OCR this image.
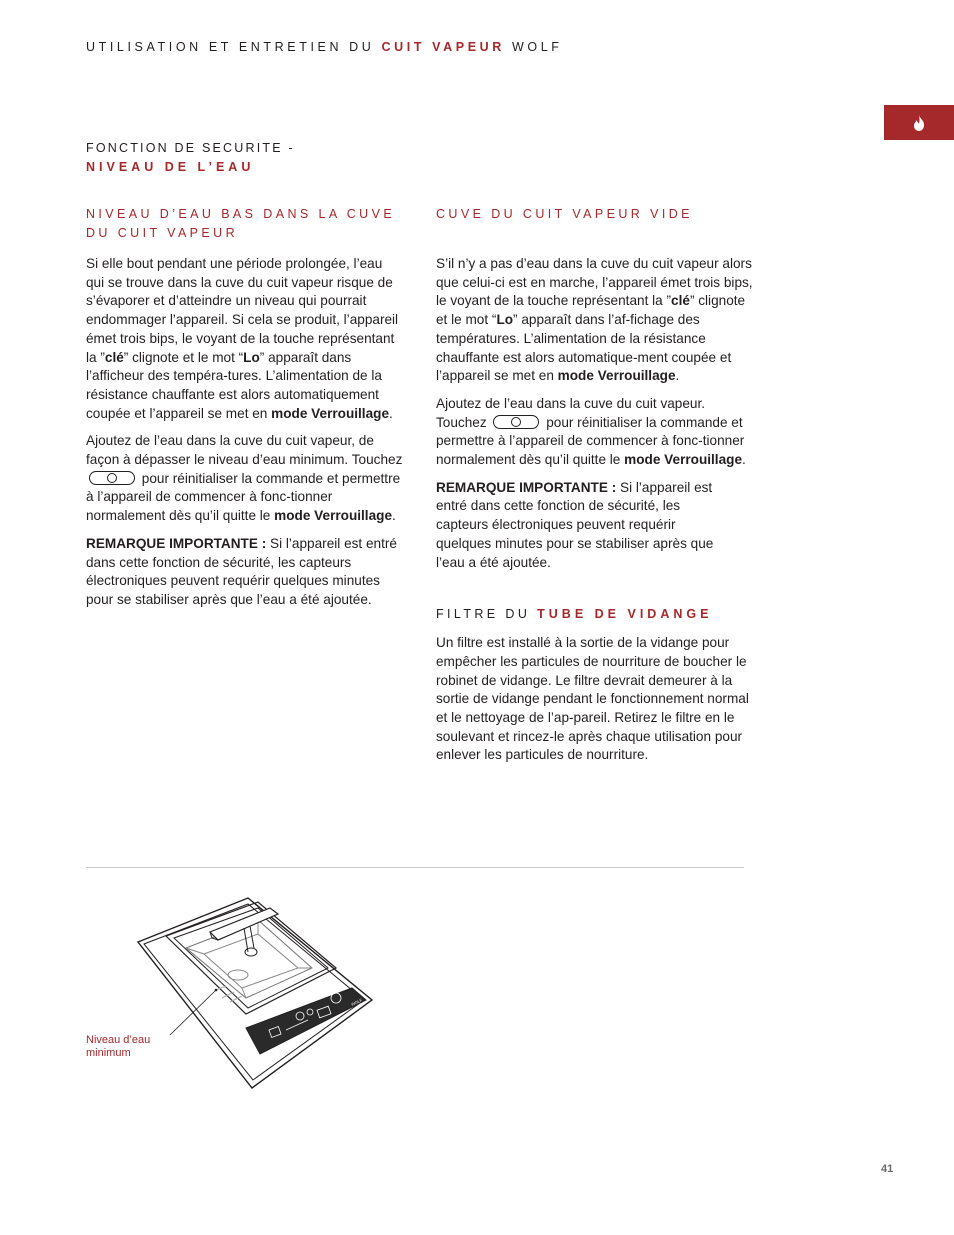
UTILISATION ET ENTRETIEN DU CUIT VAPEUR WOLF
FONCTION DE SECURITE -
NIVEAU DE L’EAU
NIVEAU D’EAU BAS DANS LA CUVE
DU CUIT VAPEUR

Si elle bout pendant une période prolongée, l’eau qui se trouve dans la cuve du cuit vapeur risque de s’évaporer et d’atteindre un niveau qui pourrait endommager l’appareil. Si cela se produit, l’appareil émet trois bips, le voyant de la touche représentant la ”clé” clignote et le mot “Lo” apparaît dans l’afficheur des tempéra-tures. L’alimentation de la résistance chauffante est alors automatiquement coupée et l’appareil se met en mode Verrouillage.

Ajoutez de l’eau dans la cuve du cuit vapeur, de façon à dépasser le niveau d’eau minimum. Touchez
pour réinitialiser la commande et permettre à l’appareil de commencer à fonc-tionner normalement dès qu’il quitte le mode Verrouillage.

REMARQUE IMPORTANTE : Si l’appareil est entré dans cette fonction de sécurité, les capteurs électroniques peuvent requérir quelques minutes pour se stabiliser après que l’eau a été ajoutée.

CUVE DU CUIT VAPEUR VIDE

S’il n’y a pas d’eau dans la cuve du cuit vapeur alors que celui-ci est en marche, l’appareil émet trois bips, le voyant de la touche représentant la ”clé” clignote et le mot “Lo” apparaît dans l’af-fichage des températures. L’alimentation de la résistance chauffante est alors automatique-ment coupée et l’appareil se met en mode Verrouillage.

Ajoutez de l’eau dans la cuve du cuit vapeur. Touchez	pour réinitialiser la commande et permettre à l’appareil de commencer à fonc-tionner normalement dès qu’il quitte le mode Verrouillage.

REMARQUE IMPORTANTE : Si l’appareil est entré dans cette fonction de sécurité, les capteurs électroniques peuvent requérir quelques minutes pour se stabiliser après que l’eau a été ajoutée.

FILTRE DU TUBE DE VIDANGE

Un filtre est installé à la sortie de la vidange pour empêcher les particules de nourriture de boucher le robinet de vidange. Le filtre devrait demeurer à la sortie de vidange pendant le fonctionnement normal et le nettoyage de l’ap-pareil. Retirez le filtre en le soulevant et rincez-le après chaque utilisation pour enlever les particules de nourriture.

WOLF
Niveau d’eau
minimum
41
